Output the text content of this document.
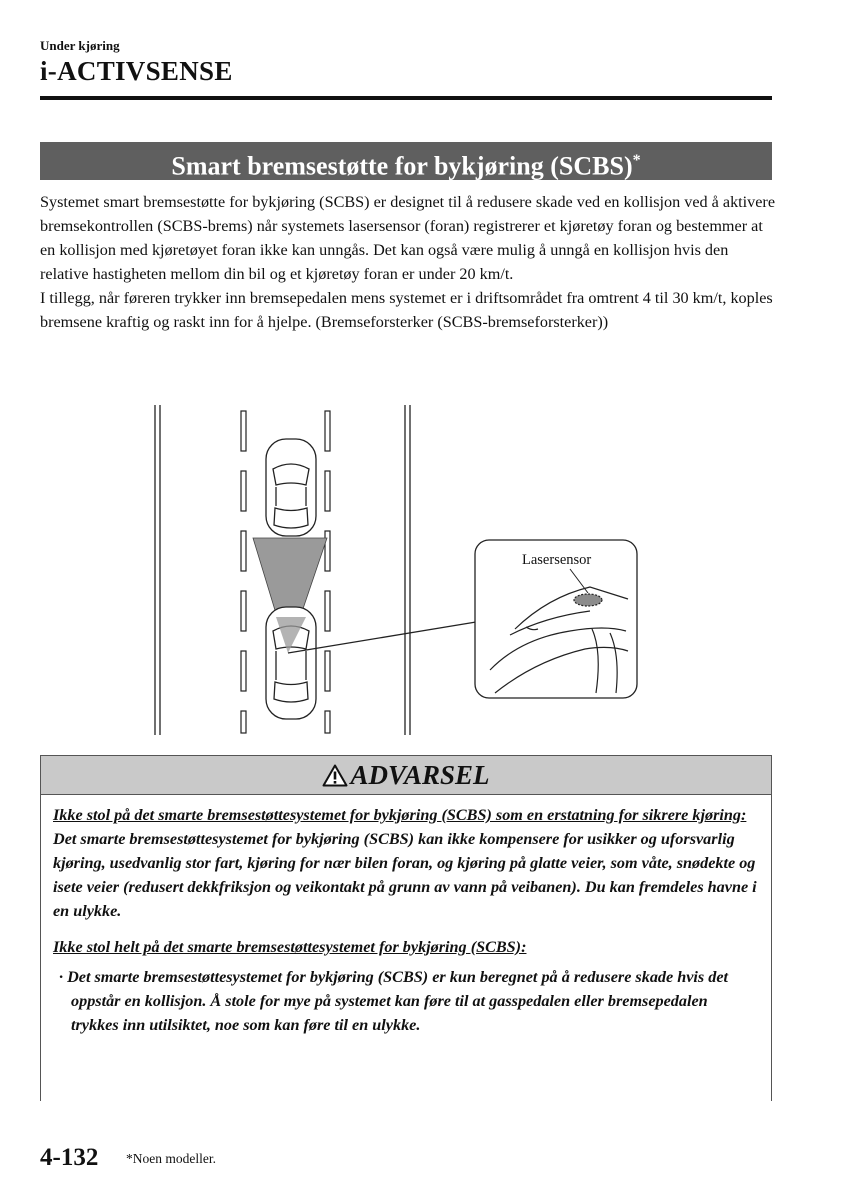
Under kjøring
i-ACTIVSENSE
Smart bremsestøtte for bykjøring (SCBS)*

Systemet smart bremsestøtte for bykjøring (SCBS) er designet til å redusere skade ved en kollisjon ved å aktivere bremsekontrollen (SCBS-brems) når systemets lasersensor (foran) registrerer et kjøretøy foran og bestemmer at en kollisjon med kjøretøyet foran ikke kan unngås. Det kan også være mulig å unngå en kollisjon hvis den relative hastigheten mellom din bil og et kjøretøy foran er under 20 km/t.

I tillegg, når føreren trykker inn bremsepedalen mens systemet er i driftsområdet fra omtrent 4 til 30 km/t, koples bremsene kraftig og raskt inn for å hjelpe. (Bremseforsterker (SCBS-bremseforsterker))

Lasersensor
ADVARSEL

Ikke stol på det smarte bremsestøttesystemet for bykjøring (SCBS) som en erstatning for sikrere kjøring:

Det smarte bremsestøttesystemet for bykjøring (SCBS) kan ikke kompensere for usikker og uforsvarlig kjøring, usedvanlig stor fart, kjøring for nær bilen foran, og kjøring på glatte veier, som våte, snødekte og isete veier (redusert dekkfriksjon og veikontakt på grunn av vann på veibanen). Du kan fremdeles havne i en ulykke.

Ikke stol helt på det smarte bremsestøttesystemet for bykjøring (SCBS):

· Det smarte bremsestøttesystemet for bykjøring (SCBS) er kun beregnet på å redusere skade hvis det oppstår en kollisjon. Å stole for mye på systemet kan føre til at gasspedalen eller bremsepedalen trykkes inn utilsiktet, noe som kan føre til en ulykke.

4-132 *Noen modeller.
